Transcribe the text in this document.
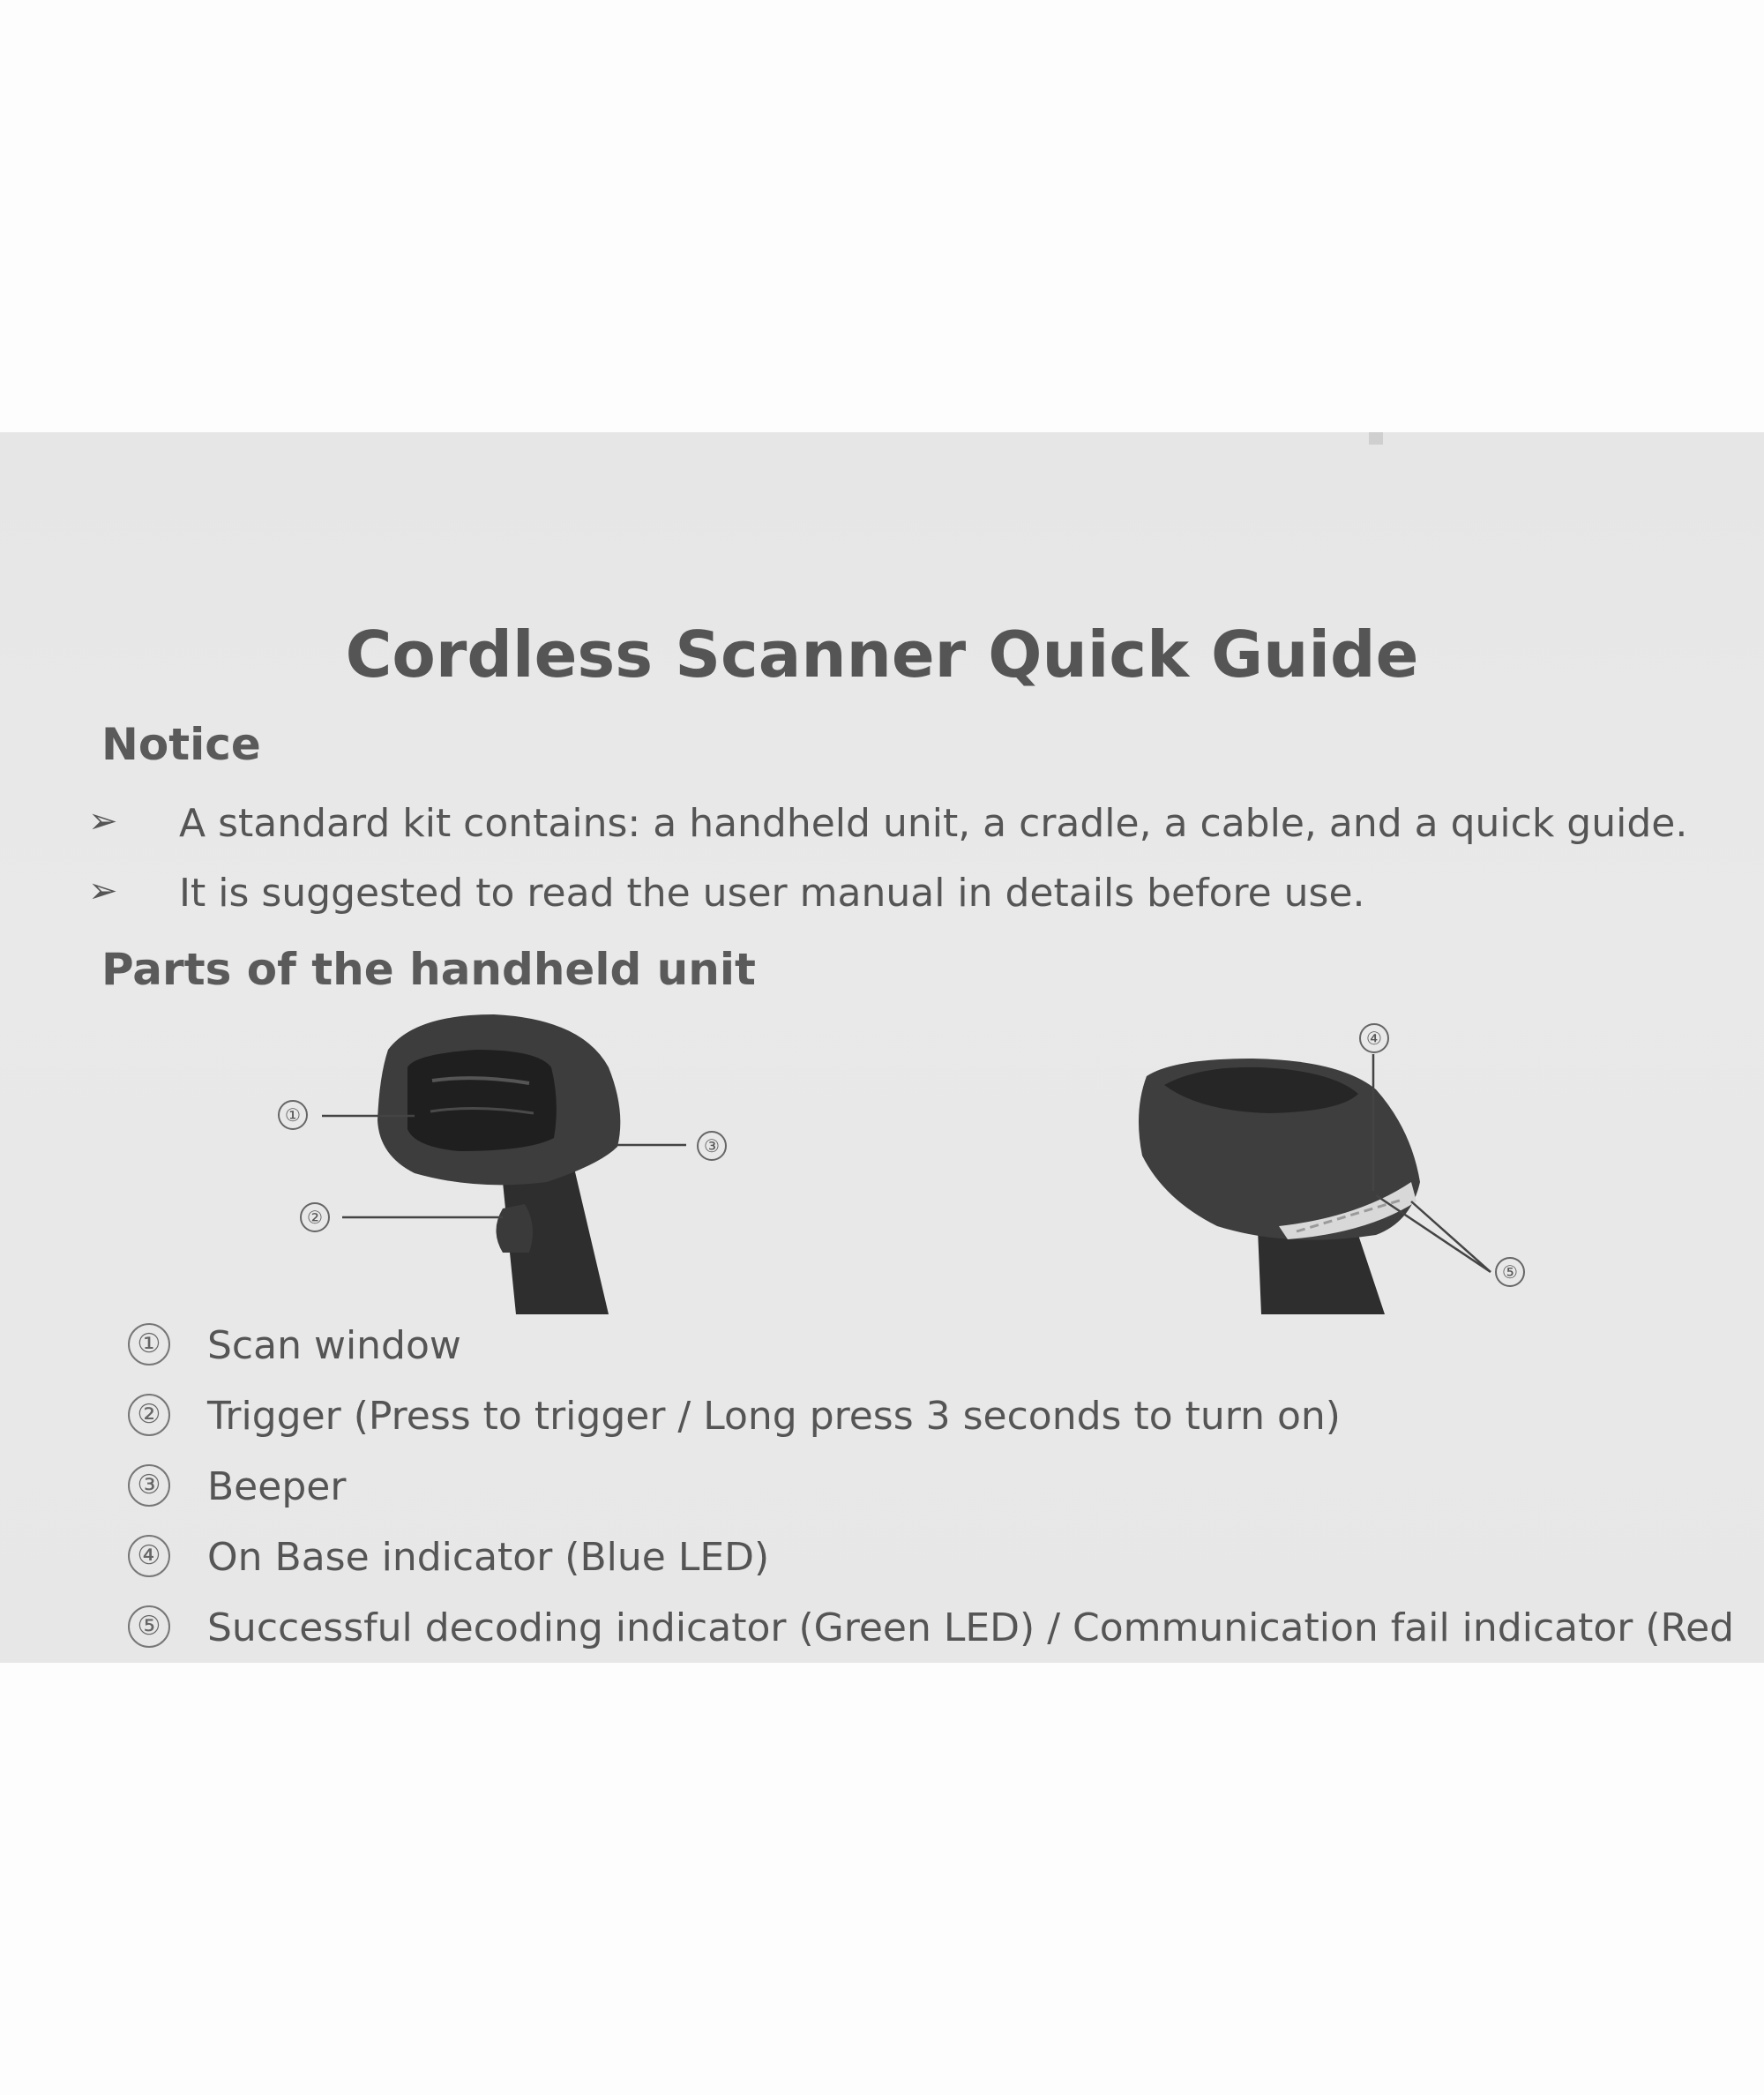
Cordless Scanner Quick Guide
Notice
➢ A standard kit contains: a handheld unit, a cradle, a cable, and a quick guide.
➢ It is suggested to read the user manual in details before use.
Parts of the handheld unit
①
②
③
④
⑤
① Scan window
② Trigger (Press to trigger / Long press 3 seconds to turn on)
③ Beeper
④ On Base indicator (Blue LED)
⑤ Successful decoding indicator (Green LED) / Communication fail indicator (Red
